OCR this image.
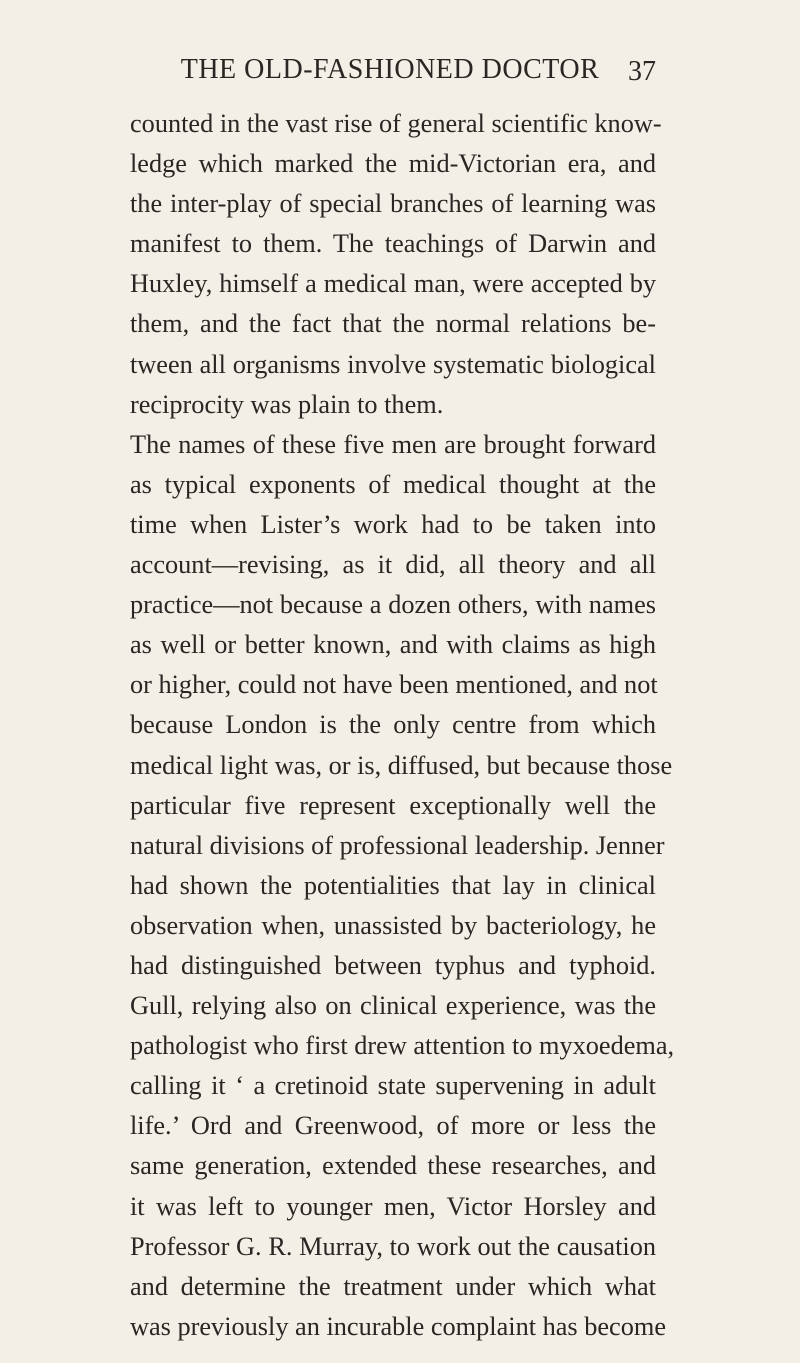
THE OLD-FASHIONED DOCTOR	37
counted in the vast rise of general scientific know-
ledge which marked the mid-Victorian era, and
the inter-play of special branches of learning was
manifest to them. The teachings of Darwin and
Huxley, himself a medical man, were accepted by
them, and the fact that the normal relations be-
tween all organisms involve systematic biological
reciprocity was plain to them.
The names of these five men are brought forward
as typical exponents of medical thought at the
time when Lister’s work had to be taken into
account—revising, as it did, all theory and all
practice—not because a dozen others, with names
as well or better known, and with claims as high
or higher, could not have been mentioned, and not
because London is the only centre from which
medical light was, or is, diffused, but because those
particular five represent exceptionally well the
natural divisions of professional leadership. Jenner
had shown the potentialities that lay in clinical
observation when, unassisted by bacteriology, he
had distinguished between typhus and typhoid.
Gull, relying also on clinical experience, was the
pathologist who first drew attention to myxoedema,
calling it ‘ a cretinoid state supervening in adult
life.’ Ord and Greenwood, of more or less the
same generation, extended these researches, and
it was left to younger men, Victor Horsley and
Professor G. R. Murray, to work out the causation
and determine the treatment under which what
was previously an incurable complaint has become
